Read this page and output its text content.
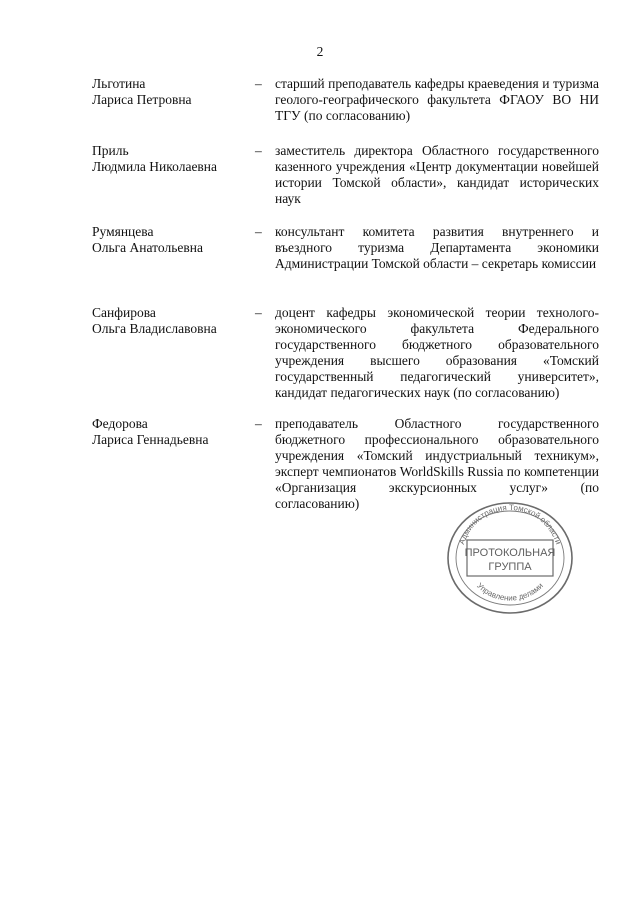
2
Льготина
Лариса Петровна
– старший преподаватель кафедры краеведения и туризма геолого-географического факультета ФГАОУ ВО НИ ТГУ (по согласованию)
Приль
Людмила Николаевна
– заместитель директора Областного государственного казенного учреждения «Центр документации новейшей истории Томской области», кандидат исторических наук
Румянцева
Ольга Анатольевна
– консультант комитета развития внутреннего и въездного туризма Департамента экономики Администрации Томской области – секретарь комиссии
Санфирова
Ольга Владиславовна
– доцент кафедры экономической теории технолого-экономического факультета Федерального государственного бюджетного образовательного учреждения высшего образования «Томский государственный педагогический университет», кандидат педагогических наук (по согласованию)
Федорова
Лариса Геннадьевна
– преподаватель Областного государственного бюджетного профессионального образовательного учреждения «Томский индустриальный техникум», эксперт чемпионатов WorldSkills Russia по компетенции «Организация экскурсионных услуг» (по согласованию)
Администрация Томской области
Управление делами
ПРОТОКОЛЬНАЯ
ГРУППА
